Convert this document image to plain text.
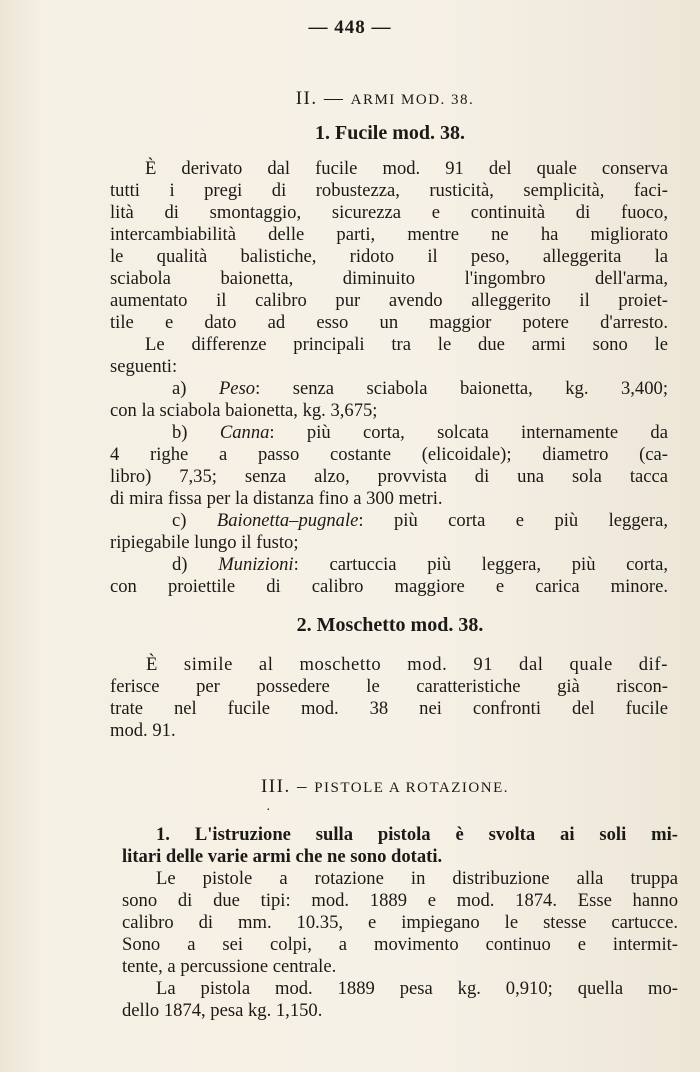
— 448 —
II. — ARMI MOD. 38.
1. Fucile mod. 38.
È derivato dal fucile mod. 91 del quale conserva
tutti i pregi di robustezza, rusticità, semplicità, faci-
lità di smontaggio, sicurezza e continuità di fuoco,
intercambiabilità delle parti, mentre ne ha migliorato
le qualità balistiche, ridoto il peso, alleggerita la
sciabola baionetta, diminuito l'ingombro dell'arma,
aumentato il calibro pur avendo alleggerito il proiet-
tile e dato ad esso un maggior potere d'arresto.
Le differenze principali tra le due armi sono le
seguenti:
a) Peso: senza sciabola baionetta, kg. 3,400;
con la sciabola baionetta, kg. 3,675;
b) Canna: più corta, solcata internamente da
4 righe a passo costante (elicoidale); diametro (ca-
libro) 7,35; senza alzo, provvista di una sola tacca
di mira fissa per la distanza fino a 300 metri.
c) Baionetta–pugnale: più corta e più leggera,
ripiegabile lungo il fusto;
d) Munizioni: cartuccia più leggera, più corta,
con proiettile di calibro maggiore e carica minore.
2. Moschetto mod. 38.
È simile al moschetto mod. 91 dal quale dif-
ferisce per possedere le caratteristiche già riscon-
trate nel fucile mod. 38 nei confronti del fucile
mod. 91.
III. – PISTOLE A ROTAZIONE.
·
1. L'istruzione sulla pistola è svolta ai soli mi-
litari delle varie armi che ne sono dotati.
Le pistole a rotazione in distribuzione alla truppa
sono di due tipi: mod. 1889 e mod. 1874. Esse hanno
calibro di mm. 10.35, e impiegano le stesse cartucce.
Sono a sei colpi, a movimento continuo e intermit-
tente, a percussione centrale.
La pistola mod. 1889 pesa kg. 0,910; quella mo-
dello 1874, pesa kg. 1,150.
